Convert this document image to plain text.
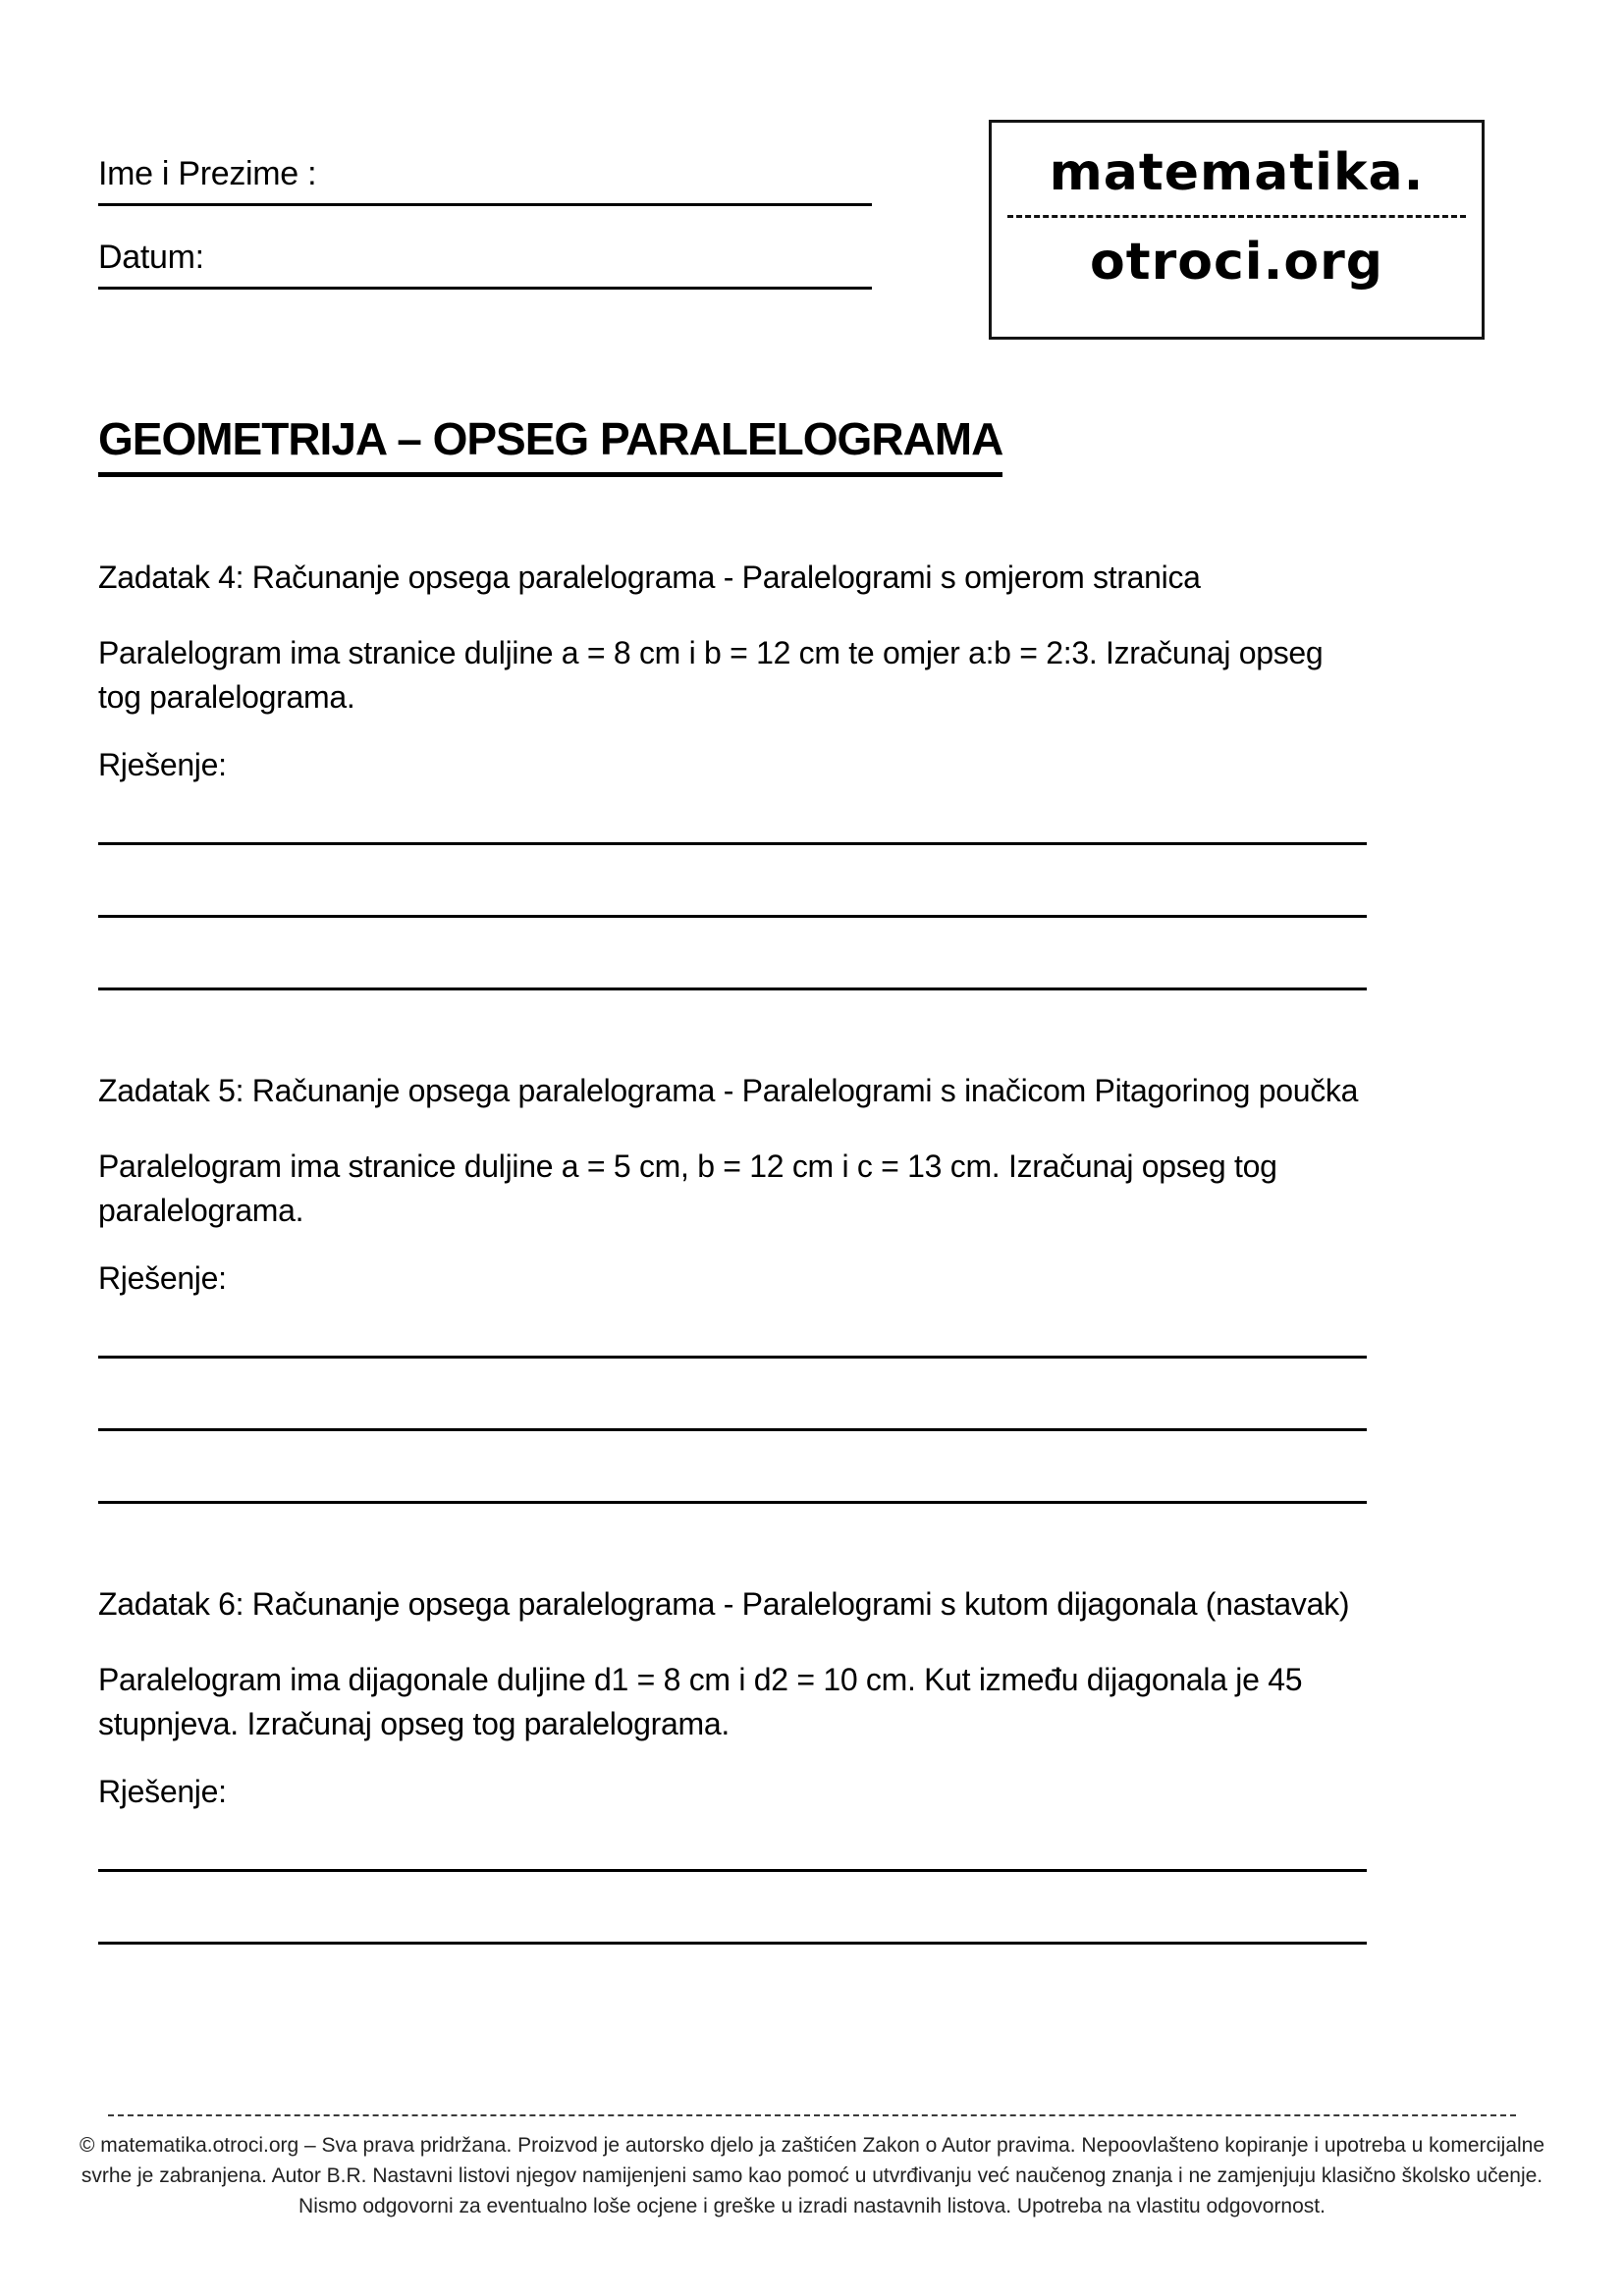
Ime i Prezime :
Datum:
matematika.
otroci.org
GEOMETRIJA – OPSEG PARALELOGRAMA
Zadatak 4: Računanje opsega paralelograma - Paralelogrami s omjerom stranica
Paralelogram ima stranice duljine a = 8 cm i b = 12 cm te omjer a:b = 2:3. Izračunaj opseg
tog paralelograma.
Rješenje:
Zadatak 5: Računanje opsega paralelograma - Paralelogrami s inačicom Pitagorinog poučka
Paralelogram ima stranice duljine a = 5 cm, b = 12 cm i c = 13 cm. Izračunaj opseg tog
paralelograma.
Rješenje:
Zadatak 6: Računanje opsega paralelograma - Paralelogrami s kutom dijagonala (nastavak)
Paralelogram ima dijagonale duljine d1 = 8 cm i d2 = 10 cm. Kut između dijagonala je 45
stupnjeva. Izračunaj opseg tog paralelograma.
Rješenje:
© matematika.otroci.org – Sva prava pridržana. Proizvod je autorsko djelo ja zaštićen Zakon o Autor pravima. Nepoovlašteno kopiranje i upotreba u komercijalne
svrhe je zabranjena. Autor B.R. Nastavni listovi njegov namijenjeni samo kao pomoć u utvrđivanju već naučenog znanja i ne zamjenjuju klasično školsko učenje.
Nismo odgovorni za eventualno loše ocjene i greške u izradi nastavnih listova. Upotreba na vlastitu odgovornost.
